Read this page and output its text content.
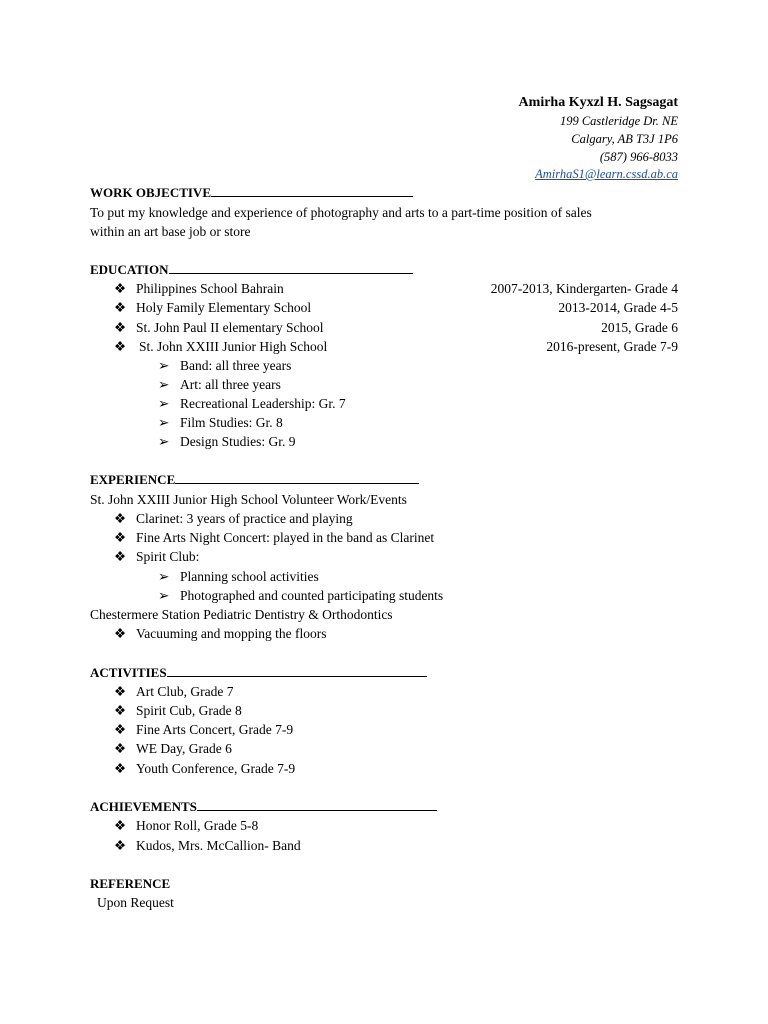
Amirha Kyxzl H. Sagsagat
199 Castleridge Dr. NE
Calgary, AB T3J 1P6
(587) 966-8033
AmirhaS1@learn.cssd.ab.ca
WORK OBJECTIVE
To put my knowledge and experience of photography and arts to a part-time position of sales
within an art base job or store
EDUCATION
❖ Philippines School Bahrain	2007-2013, Kindergarten- Grade 4
❖ Holy Family Elementary School	2013-2014, Grade 4-5
❖ St. John Paul II elementary School	2015, Grade 6
❖ St. John XXIII Junior High School	2016-present, Grade 7-9
➢ Band: all three years
➢ Art: all three years
➢ Recreational Leadership: Gr. 7
➢ Film Studies: Gr. 8
➢ Design Studies: Gr. 9
EXPERIENCE
St. John XXIII Junior High School Volunteer Work/Events
❖ Clarinet: 3 years of practice and playing
❖ Fine Arts Night Concert: played in the band as Clarinet
❖ Spirit Club:
➢ Planning school activities
➢ Photographed and counted participating students
Chestermere Station Pediatric Dentistry & Orthodontics
❖ Vacuuming and mopping the floors
ACTIVITIES
❖ Art Club, Grade 7
❖ Spirit Cub, Grade 8
❖ Fine Arts Concert, Grade 7-9
❖ WE Day, Grade 6
❖ Youth Conference, Grade 7-9
ACHIEVEMENTS
❖ Honor Roll, Grade 5-8
❖ Kudos, Mrs. McCallion- Band
REFERENCE
Upon Request
